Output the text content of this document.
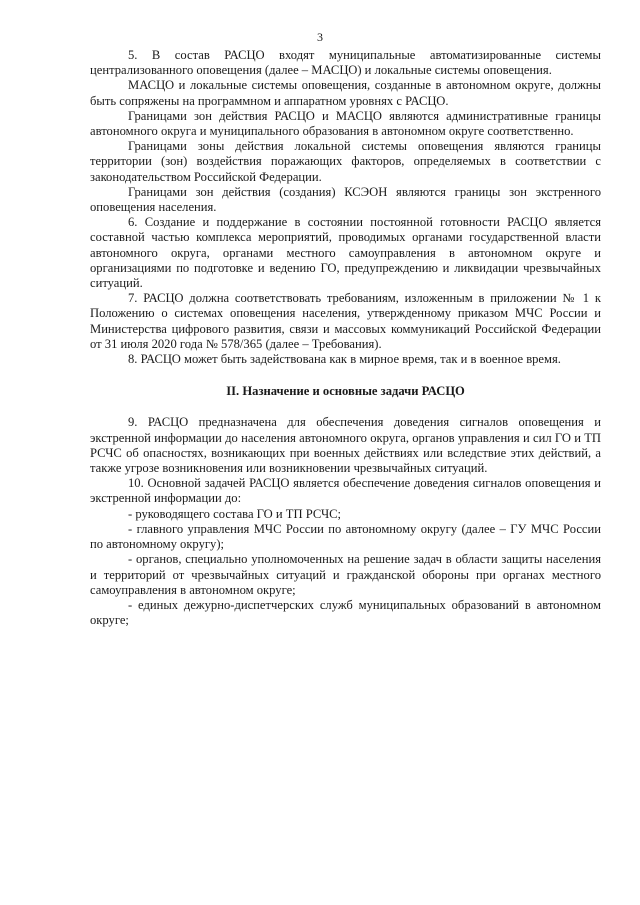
3

5. В состав РАСЦО входят муниципальные автоматизированные системы централизованного оповещения (далее – МАСЦО) и локальные системы оповещения.

МАСЦО и локальные системы оповещения, созданные в автономном округе, должны быть сопряжены на программном и аппаратном уровнях с РАСЦО.

Границами зон действия РАСЦО и МАСЦО являются административные границы автономного округа и муниципального образования в автономном округе соответственно.

Границами зоны действия локальной системы оповещения являются границы территории (зон) воздействия поражающих факторов, определяемых в соответствии с законодательством Российской Федерации.

Границами зон действия (создания) КСЭОН являются границы зон экстренного оповещения населения.

6. Создание и поддержание в состоянии постоянной готовности РАСЦО является составной частью комплекса мероприятий, проводимых органами государственной власти автономного округа, органами местного самоуправления в автономном округе и организациями по подготовке и ведению ГО, предупреждению и ликвидации чрезвычайных ситуаций.

7. РАСЦО должна соответствовать требованиям, изложенным в приложении № 1 к Положению о системах оповещения населения, утвержденному приказом МЧС России и Министерства цифрового развития, связи и массовых коммуникаций Российской Федерации от 31 июля 2020 года № 578/365 (далее – Требования).

8. РАСЦО может быть задействована как в мирное время, так и в военное время.

II. Назначение и основные задачи РАСЦО

9. РАСЦО предназначена для обеспечения доведения сигналов оповещения и экстренной информации до населения автономного округа, органов управления и сил ГО и ТП РСЧС об опасностях, возникающих при военных действиях или вследствие этих действий, а также угрозе возникновения или возникновении чрезвычайных ситуаций.

10. Основной задачей РАСЦО является обеспечение доведения сигналов оповещения и экстренной информации до:

- руководящего состава ГО и ТП РСЧС;

- главного управления МЧС России по автономному округу (далее – ГУ МЧС России по автономному округу);

- органов, специально уполномоченных на решение задач в области защиты населения и территорий от чрезвычайных ситуаций и гражданской обороны при органах местного самоуправления в автономном округе;

- единых дежурно-диспетчерских служб муниципальных образований в автономном округе;
